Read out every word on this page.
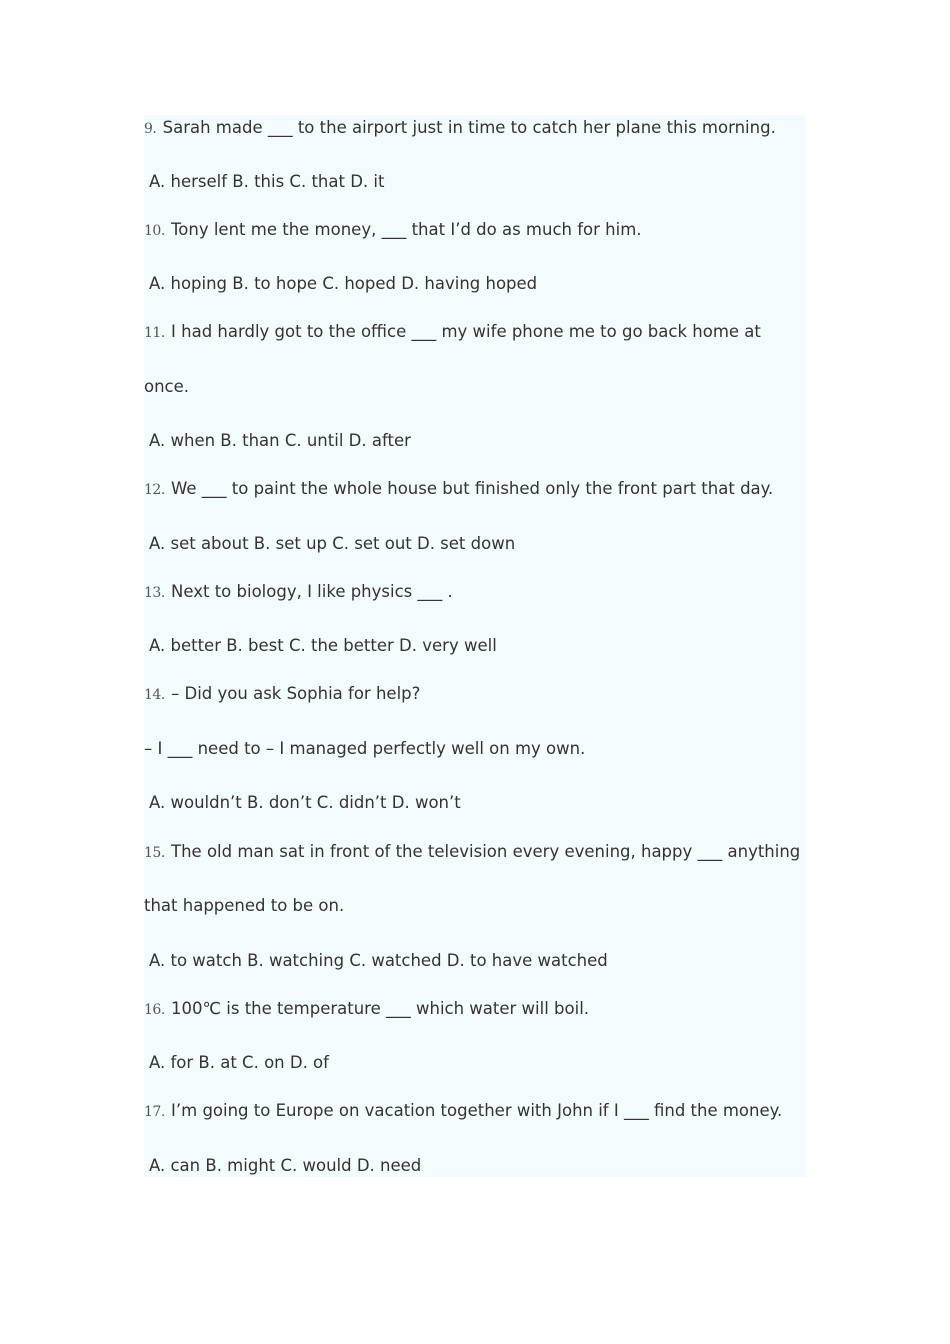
9. Sarah made ___ to the airport just in time to catch her plane this morning.
A. herself B. this C. that D. it
10. Tony lent me the money, ___ that I’d do as much for him.
A. hoping B. to hope C. hoped D. having hoped
11. I had hardly got to the office ___ my wife phone me to go back home at
once.
A. when B. than C. until D. after
12. We ___ to paint the whole house but finished only the front part that day.
A. set about B. set up C. set out D. set down
13. Next to biology, I like physics ___ .
A. better B. best C. the better D. very well
14. – Did you ask Sophia for help?
– I ___ need to – I managed perfectly well on my own.
A. wouldn’t B. don’t C. didn’t D. won’t
15. The old man sat in front of the television every evening, happy ___ anything
that happened to be on.
A. to watch B. watching C. watched D. to have watched
16. 100℃ is the temperature ___ which water will boil.
A. for B. at C. on D. of
17. I’m going to Europe on vacation together with John if I ___ find the money.
A. can B. might C. would D. need
